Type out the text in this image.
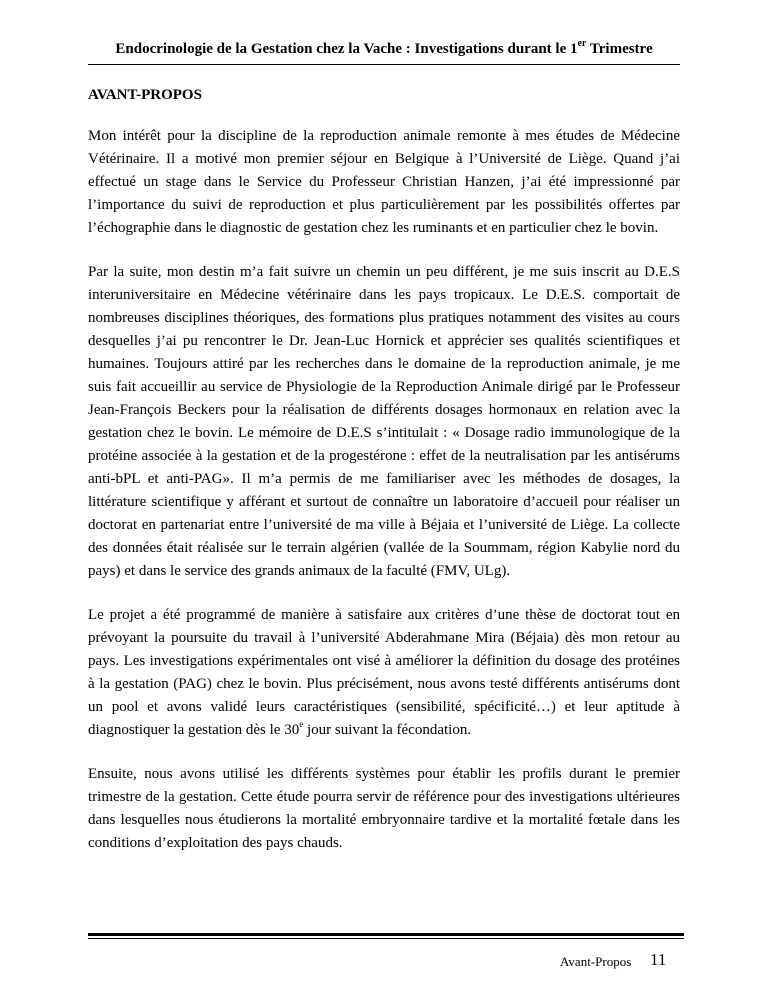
Endocrinologie de la Gestation chez la Vache : Investigations durant le 1er Trimestre
AVANT-PROPOS

Mon intérêt pour la discipline de la reproduction animale remonte à mes études de Médecine Vétérinaire. Il a motivé mon premier séjour en Belgique à l’Université de Liège. Quand j’ai effectué un stage dans le Service du Professeur Christian Hanzen, j’ai été impressionné par l’importance du suivi de reproduction et plus particulièrement par les possibilités offertes par l’échographie dans le diagnostic de gestation chez les ruminants et en particulier chez le bovin.

Par la suite, mon destin m’a fait suivre un chemin un peu différent, je me suis inscrit au D.E.S interuniversitaire en Médecine vétérinaire dans les pays tropicaux. Le D.E.S. comportait de nombreuses disciplines théoriques, des formations plus pratiques notamment des visites au cours desquelles j’ai pu rencontrer le Dr. Jean-Luc Hornick et apprécier ses qualités scientifiques et humaines. Toujours attiré par les recherches dans le domaine de la reproduction animale, je me suis fait accueillir au service de Physiologie de la Reproduction Animale dirigé par le Professeur Jean-François Beckers pour la réalisation de différents dosages hormonaux en relation avec la gestation chez le bovin. Le mémoire de D.E.S s’intitulait : « Dosage radio immunologique de la protéine associée à la gestation et de la progestérone : effet de la neutralisation par les antisérums anti-bPL et anti-PAG». Il m’a permis de me familiariser avec les méthodes de dosages, la littérature scientifique y afférant et surtout de connaître un laboratoire d’accueil pour réaliser un doctorat en partenariat entre l’université de ma ville à Béjaia et l’université de Liège. La collecte des données était réalisée sur le terrain algérien (vallée de la Soummam, région Kabylie nord du pays) et dans le service des grands animaux de la faculté (FMV, ULg).

Le projet a été programmé de manière à satisfaire aux critères d’une thèse de doctorat tout en prévoyant la poursuite du travail à l’université Abderahmane Mira (Béjaia) dès mon retour au pays. Les investigations expérimentales ont visé à améliorer la définition du dosage des protéines à la gestation (PAG) chez le bovin. Plus précisément, nous avons testé différents antisérums dont un pool et avons validé leurs caractéristiques (sensibilité, spécificité…) et leur aptitude à diagnostiquer la gestation dès le 30e jour suivant la fécondation.

Ensuite, nous avons utilisé les différents systèmes pour établir les profils durant le premier trimestre de la gestation. Cette étude pourra servir de référence pour des investigations ultérieures dans lesquelles nous étudierons la mortalité embryonnaire tardive et la mortalité fœtale dans les conditions d’exploitation des pays chauds.

Avant-Propos 11
